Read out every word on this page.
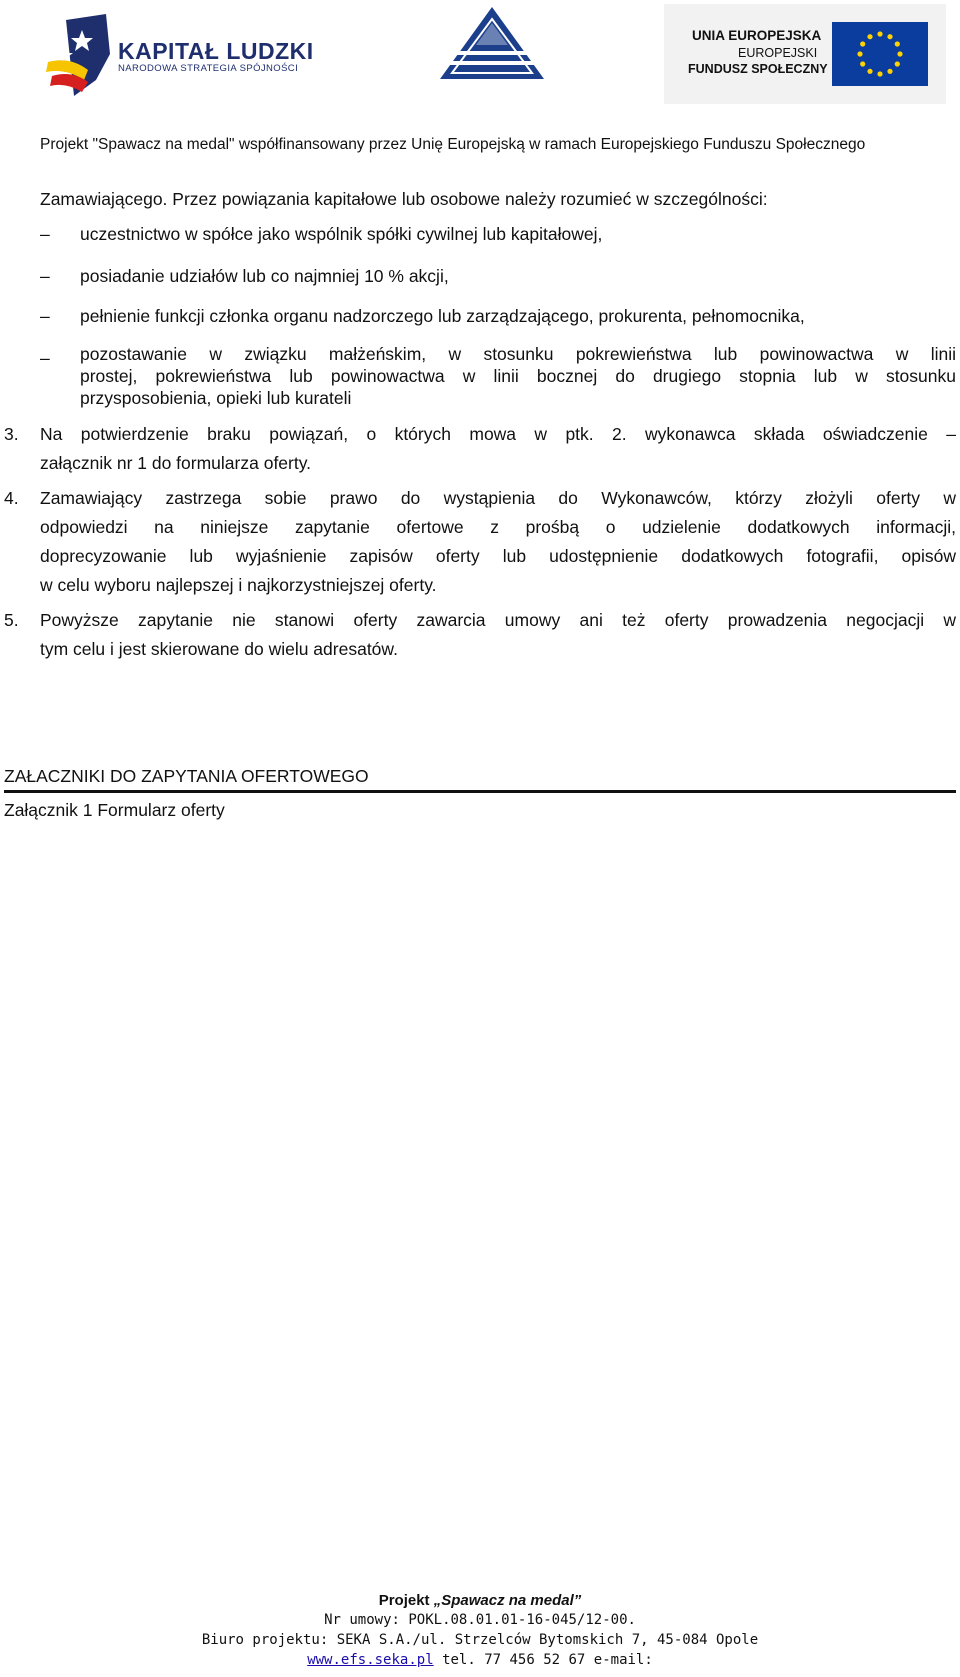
KAPITAŁ LUDZKI
NARODOWA STRATEGIA SPÓJNOŚCI
UNIA EUROPEJSKA
EUROPEJSKI
FUNDUSZ SPOŁECZNY
Projekt "Spawacz na medal" współfinansowany przez Unię Europejską w ramach Europejskiego Funduszu Społecznego
Zamawiającego. Przez powiązania kapitałowe lub osobowe należy rozumieć w szczególności:
– uczestnictwo w spółce jako wspólnik spółki cywilnej lub kapitałowej,
– posiadanie udziałów lub co najmniej 10 % akcji,
– pełnienie funkcji członka organu nadzorczego lub zarządzającego, prokurenta, pełnomocnika,
– pozostawanie w związku małżeńskim, w stosunku pokrewieństwa lub powinowactwa w linii
prostej, pokrewieństwa lub powinowactwa w linii bocznej do drugiego stopnia lub w stosunku
przysposobienia, opieki lub kurateli
3. Na potwierdzenie braku powiązań, o których mowa w ptk. 2. wykonawca składa oświadczenie –
załącznik nr 1 do formularza oferty.
4. Zamawiający zastrzega sobie prawo do wystąpienia do Wykonawców, którzy złożyli oferty w
odpowiedzi na niniejsze zapytanie ofertowe z prośbą o udzielenie dodatkowych informacji,
doprecyzowanie lub wyjaśnienie zapisów oferty lub udostępnienie dodatkowych fotografii, opisów
w celu wyboru najlepszej i najkorzystniejszej oferty.
5. Powyższe zapytanie nie stanowi oferty zawarcia umowy ani też oferty prowadzenia negocjacji w
tym celu i jest skierowane do wielu adresatów.
ZAŁACZNIKI DO ZAPYTANIA OFERTOWEGO
Załącznik 1 Formularz oferty
Projekt „Spawacz na medal”
Nr umowy: POKL.08.01.01-16-045/12-00.
Biuro projektu: SEKA S.A./ul. Strzelców Bytomskich 7, 45-084 Opole
www.efs.seka.pl tel. 77 456 52 67 e-mail:
